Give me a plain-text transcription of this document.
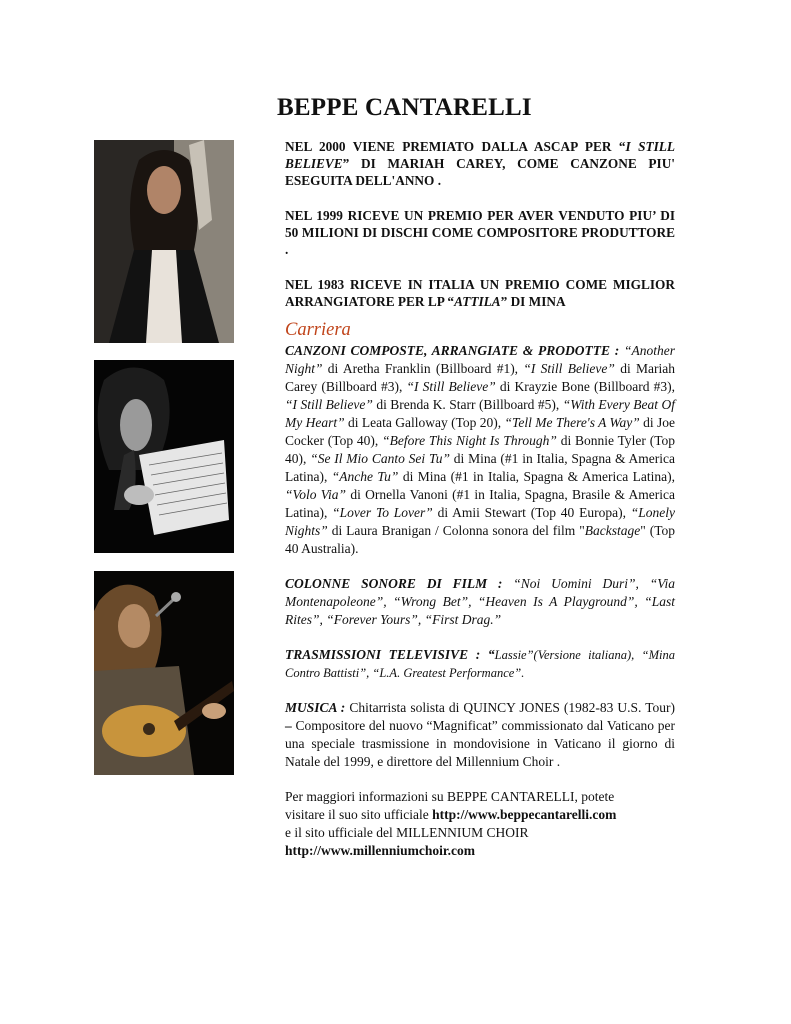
BEPPE CANTARELLI

NEL 2000 VIENE PREMIATO DALLA ASCAP PER “I STILL BELIEVE” DI MARIAH CAREY, COME CANZONE PIU' ESEGUITA DELL'ANNO .

NEL 1999 RICEVE UN PREMIO PER AVER VENDUTO PIU’ DI 50 MILIONI DI DISCHI COME COMPOSITORE PRODUTTORE .

NEL 1983 RICEVE IN ITALIA UN PREMIO COME MIGLIOR ARRANGIATORE PER LP “ATTILA” DI MINA

Carriera

CANZONI COMPOSTE, ARRANGIATE & PRODOTTE : “Another Night” di Aretha Franklin (Billboard #1), “I Still Believe” di Mariah Carey (Billboard #3), “I Still Believe” di Krayzie Bone (Billboard #3), “I Still Believe” di Brenda K. Starr (Billboard #5), “With Every Beat Of My Heart” di Leata Galloway (Top 20), “Tell Me There's A Way” di Joe Cocker (Top 40), “Before This Night Is Through” di Bonnie Tyler (Top 40), “Se Il Mio Canto Sei Tu” di Mina (#1 in Italia, Spagna & America Latina), “Anche Tu” di Mina (#1 in Italia, Spagna & America Latina), “Volo Via” di Ornella Vanoni (#1 in Italia, Spagna, Brasile & America Latina), “Lover To Lover” di Amii Stewart (Top 40 Europa), “Lonely Nights” di Laura Branigan / Colonna sonora del film "Backstage" (Top 40 Australia).

COLONNE SONORE DI FILM : “Noi Uomini Duri”, “Via Montenapoleone”, “Wrong Bet”, “Heaven Is A Playground”, “Last Rites”, “Forever Yours”, “First Drag.”

TRASMISSIONI TELEVISIVE : “Lassie”(Versione italiana), “Mina Contro Battisti”, “L.A. Greatest Performance”.

MUSICA : Chitarrista solista di QUINCY JONES (1982-83 U.S. Tour) – Compositore del nuovo “Magnificat” commissionato dal Vaticano per una speciale trasmissione in mondovisione in Vaticano il giorno di Natale del 1999, e direttore del Millennium Choir .

Per maggiori informazioni su BEPPE CANTARELLI, potete
visitare il suo sito ufficiale http://www.beppecantarelli.com
e il sito ufficiale del MILLENNIUM CHOIR
http://www.millenniumchoir.com
